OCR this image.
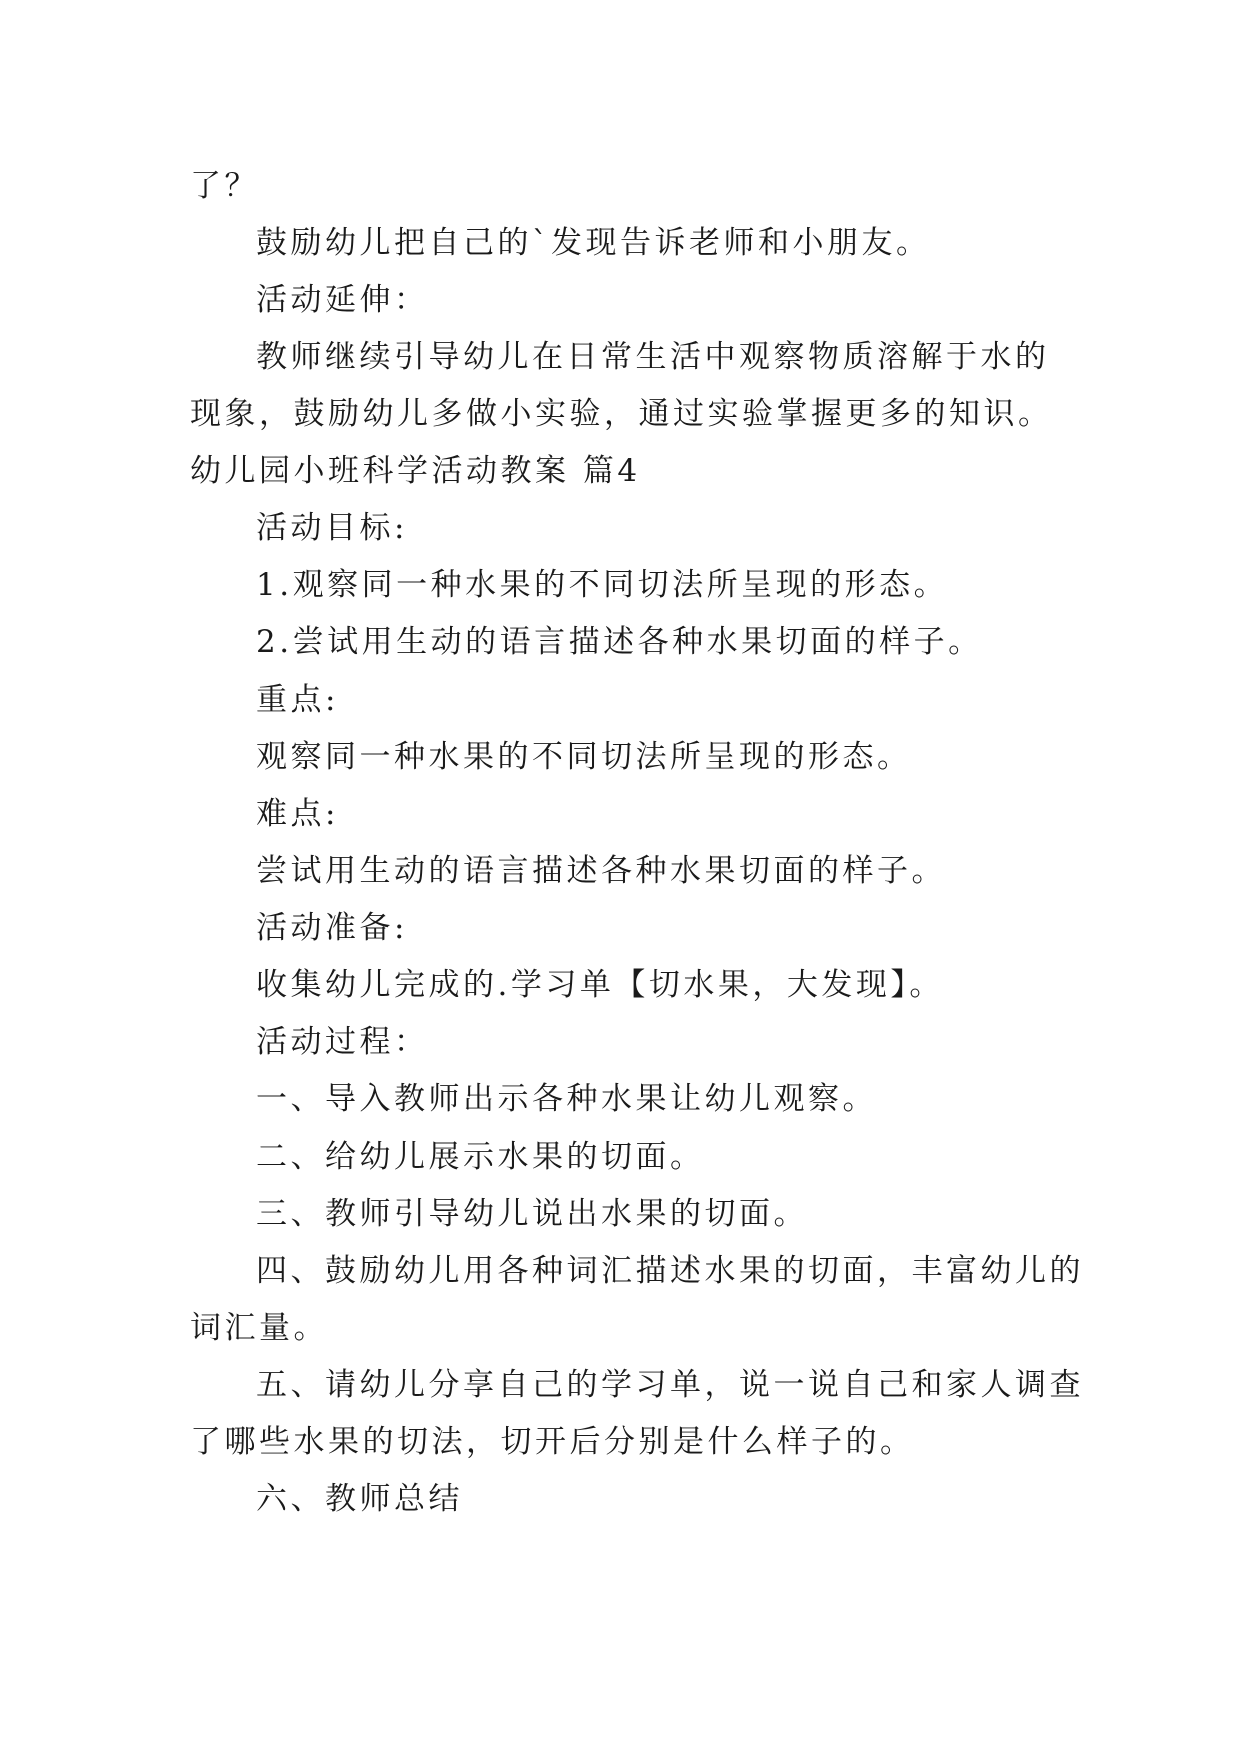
了？
鼓励幼儿把自己的`发现告诉老师和小朋友。
活动延伸：
教师继续引导幼儿在日常生活中观察物质溶解于水的
现象，鼓励幼儿多做小实验，通过实验掌握更多的知识。
幼儿园小班科学活动教案 篇4
活动目标:
1.观察同一种水果的不同切法所呈现的形态。
2.尝试用生动的语言描述各种水果切面的样子。
重点:
观察同一种水果的不同切法所呈现的形态。
难点:
尝试用生动的语言描述各种水果切面的样子。
活动准备:
收集幼儿完成的.学习单【切水果，大发现】。
活动过程：
一、导入教师出示各种水果让幼儿观察。
二、给幼儿展示水果的切面。
三、教师引导幼儿说出水果的切面。
四、鼓励幼儿用各种词汇描述水果的切面，丰富幼儿的
词汇量。
五、请幼儿分享自己的学习单，说一说自己和家人调查
了哪些水果的切法，切开后分别是什么样子的。
六、教师总结
